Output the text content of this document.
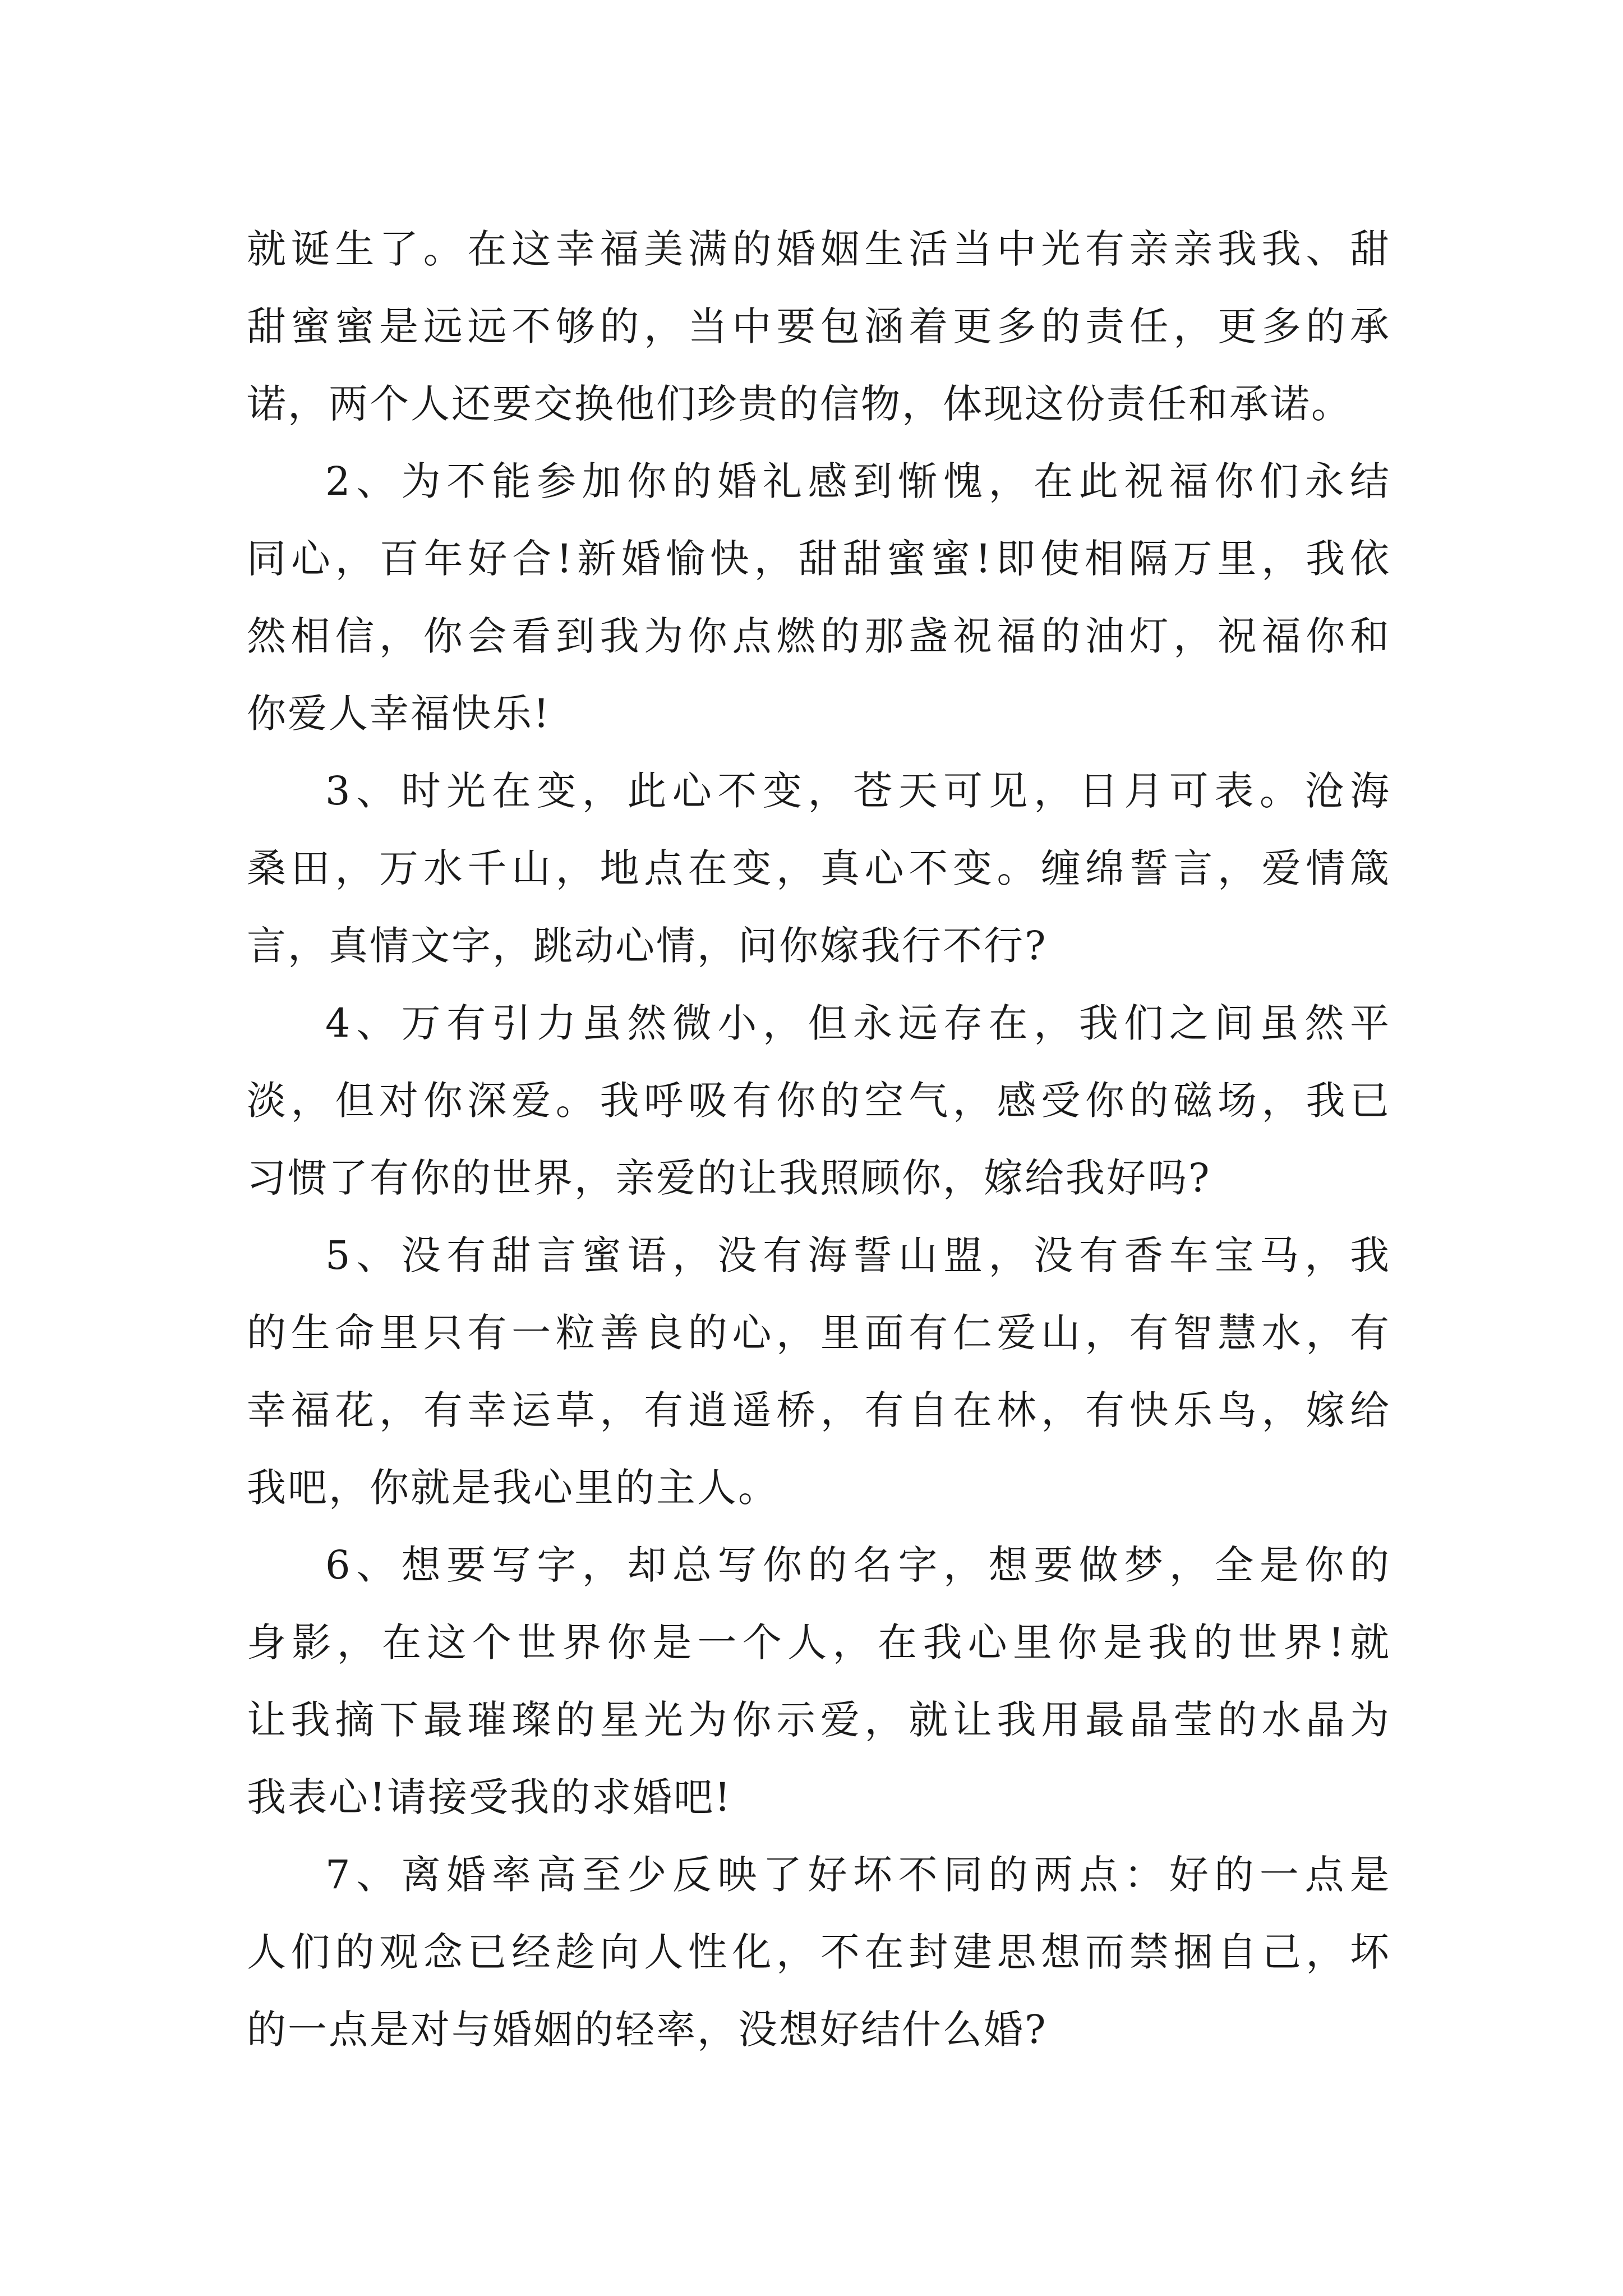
就诞生了。在这幸福美满的婚姻生活当中光有亲亲我我、甜
甜蜜蜜是远远不够的，当中要包涵着更多的责任，更多的承
诺，两个人还要交换他们珍贵的信物，体现这份责任和承诺。
2、为不能参加你的婚礼感到惭愧，在此祝福你们永结
同心，百年好合!新婚愉快，甜甜蜜蜜!即使相隔万里，我依
然相信，你会看到我为你点燃的那盏祝福的油灯，祝福你和
你爱人幸福快乐!
3、时光在变，此心不变，苍天可见，日月可表。沧海
桑田，万水千山，地点在变，真心不变。缠绵誓言，爱情箴
言，真情文字，跳动心情，问你嫁我行不行?
4、万有引力虽然微小，但永远存在，我们之间虽然平
淡，但对你深爱。我呼吸有你的空气，感受你的磁场，我已
习惯了有你的世界，亲爱的让我照顾你，嫁给我好吗?
5、没有甜言蜜语，没有海誓山盟，没有香车宝马，我
的生命里只有一粒善良的心，里面有仁爱山，有智慧水，有
幸福花，有幸运草，有逍遥桥，有自在林，有快乐鸟，嫁给
我吧，你就是我心里的主人。
6、想要写字，却总写你的名字，想要做梦，全是你的
身影，在这个世界你是一个人，在我心里你是我的世界!就
让我摘下最璀璨的星光为你示爱，就让我用最晶莹的水晶为
我表心!请接受我的求婚吧!
7、离婚率高至少反映了好坏不同的两点：好的一点是
人们的观念已经趁向人性化，不在封建思想而禁捆自己，坏
的一点是对与婚姻的轻率，没想好结什么婚?
